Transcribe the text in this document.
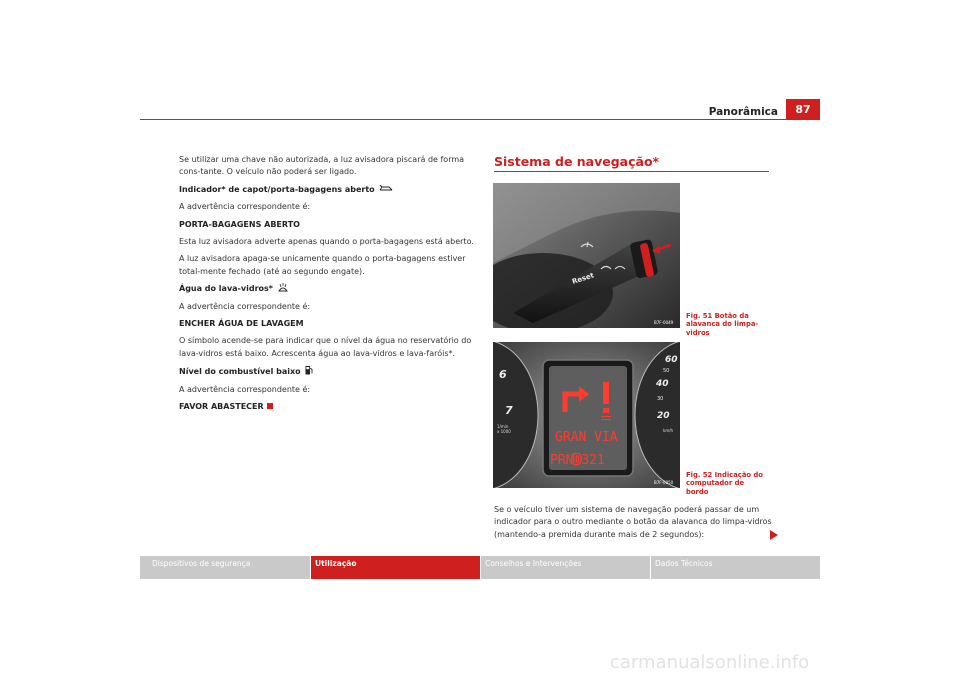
Panorâmica	87

Se utilizar uma chave não autorizada, a luz avisadora piscará de forma cons-tante. O veículo não poderá ser ligado.

Indicador* de capot/porta-bagagens aberto

A advertência correspondente é:

PORTA-BAGAGENS ABERTO

Esta luz avisadora adverte apenas quando o porta-bagagens está aberto.

A luz avisadora apaga-se unicamente quando o porta-bagagens estiver total-mente fechado (até ao segundo engate).

Água do lava-vidros*

A advertência correspondente é:

ENCHER ÁGUA DE LAVAGEM

O símbolo acende-se para indicar que o nível da água no reservatório do lava-vidros está baixo. Acrescenta água ao lava-vidros e lava-faróis*.

Nível do combustível baixo

A advertência correspondente é:

FAVOR ABASTECER

Sistema de navegação*
Reset
B7F-0049
Fig. 51 Botão da
alavanca do limpa-vidros
6
7
1/min
x 1000
60
50
40
30
20
km/h
GRAN VIA
PRND321
B7F-0050
Fig. 52 Indicação do
computador de bordo

Se o veículo tiver um sistema de navegação poderá passar de um indicador para o outro mediante o botão da alavanca do limpa-vidros (mantendo-a premida durante mais de 2 segundos):

Dispositivos de segurança	Utilização	Conselhos e Intervenções	Dados Técnicos
carmanualsonline.info
